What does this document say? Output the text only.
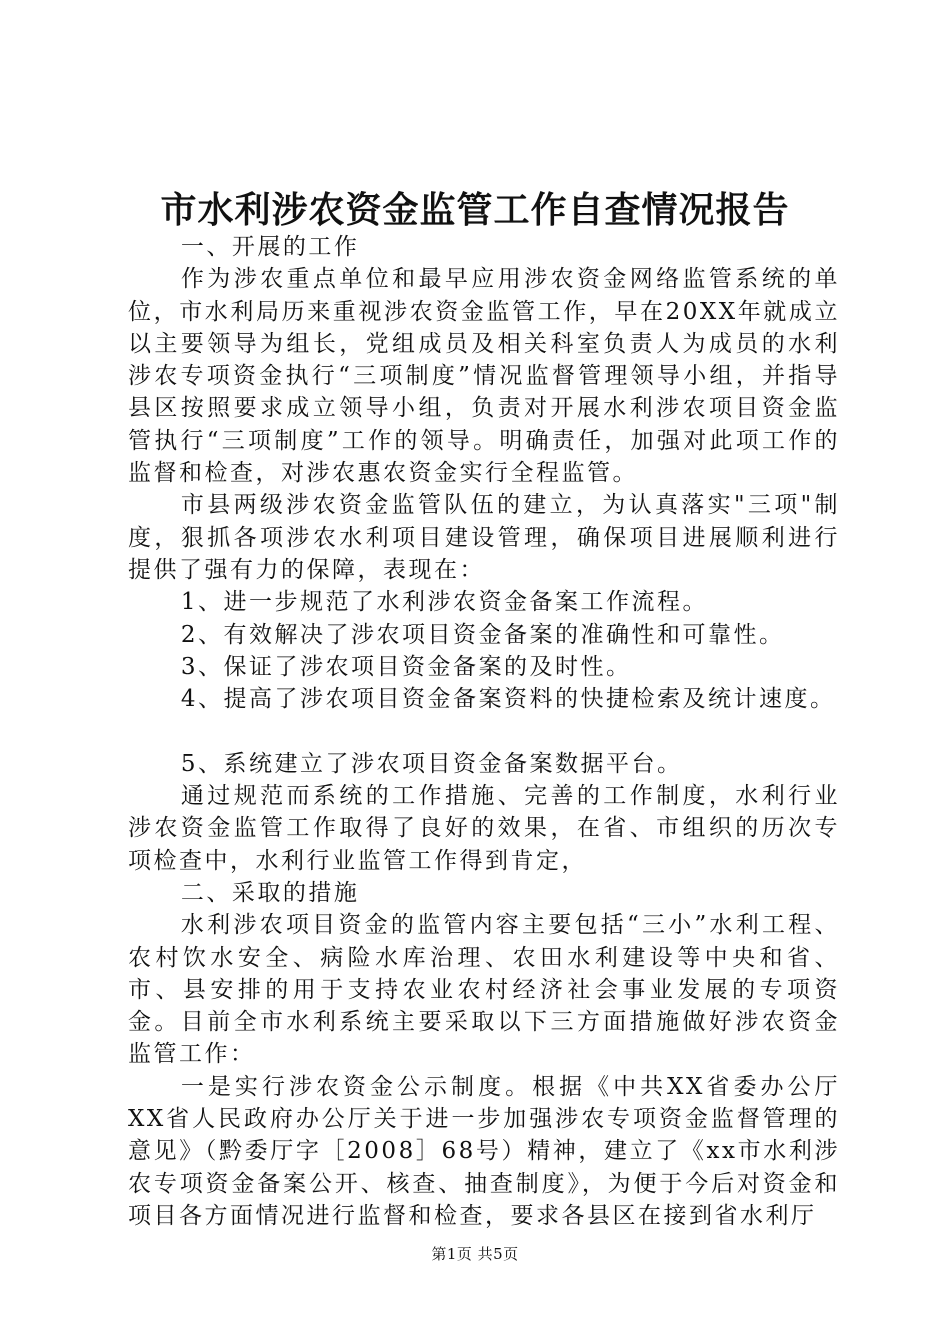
市水利涉农资金监管工作自查情况报告

一、开展的工作

作为涉农重点单位和最早应用涉农资金网络监管系统的单位，市水利局历来重视涉农资金监管工作，早在20XX年就成立以主要领导为组长，党组成员及相关科室负责人为成员的水利涉农专项资金执行“三项制度”情况监督管理领导小组，并指导县区按照要求成立领导小组，负责对开展水利涉农项目资金监管执行“三项制度”工作的领导。明确责任，加强对此项工作的监督和检查，对涉农惠农资金实行全程监管。

市县两级涉农资金监管队伍的建立，为认真落实"三项"制度，狠抓各项涉农水利项目建设管理，确保项目进展顺利进行提供了强有力的保障，表现在：

1、进一步规范了水利涉农资金备案工作流程。

2、有效解决了涉农项目资金备案的准确性和可靠性。

3、保证了涉农项目资金备案的及时性。

4、提高了涉农项目资金备案资料的快捷检索及统计速度。

5、系统建立了涉农项目资金备案数据平台。

通过规范而系统的工作措施、完善的工作制度，水利行业涉农资金监管工作取得了良好的效果，在省、市组织的历次专项检查中，水利行业监管工作得到肯定，

二、采取的措施

水利涉农项目资金的监管内容主要包括“三小”水利工程、农村饮水安全、病险水库治理、农田水利建设等中央和省、市、县安排的用于支持农业农村经济社会事业发展的专项资金。目前全市水利系统主要采取以下三方面措施做好涉农资金监管工作：

一是实行涉农资金公示制度。根据《中共XX省委办公厅XX省人民政府办公厅关于进一步加强涉农专项资金监督管理的意见》（黔委厅字［2008］68号）精神，建立了《xx市水利涉农专项资金备案公开、核查、抽查制度》，为便于今后对资金和项目各方面情况进行监督和检查，要求各县区在接到省水利厅

第1页 共5页
